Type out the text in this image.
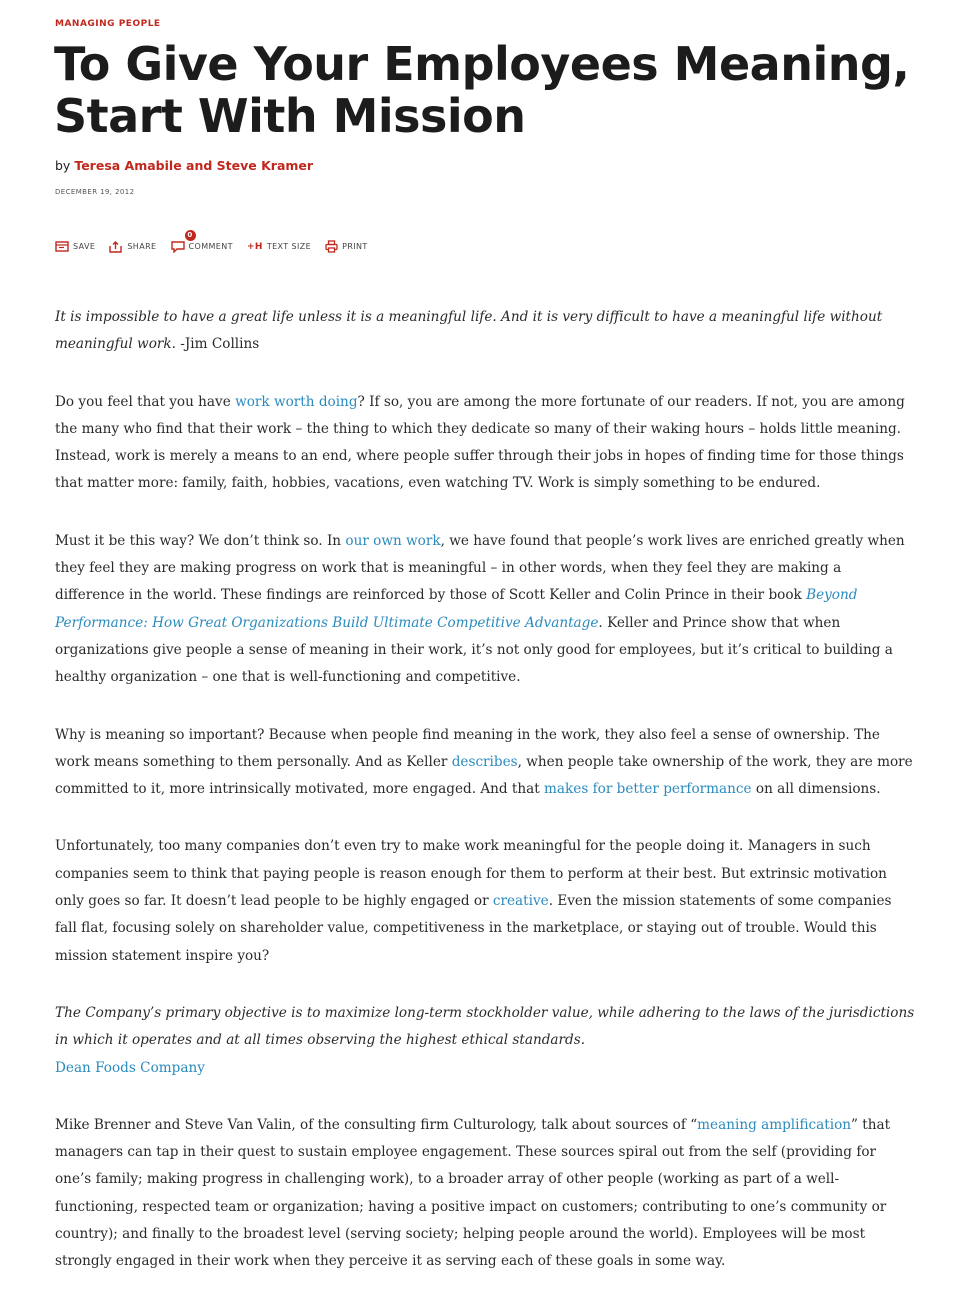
MANAGING PEOPLE
To Give Your Employees Meaning, Start With Mission
by Teresa Amabile and Steve Kramer
DECEMBER 19, 2012
SAVE	SHARE
0
COMMENT +H TEXT SIZE	PRINT

It is impossible to have a great life unless it is a meaningful life. And it is very difficult to have a meaningful life without meaningful work. -Jim Collins

Do you feel that you have work worth doing? If so, you are among the more fortunate of our readers. If not, you are among the many who find that their work – the thing to which they dedicate so many of their waking hours – holds little meaning. Instead, work is merely a means to an end, where people suffer through their jobs in hopes of finding time for those things that matter more: family, faith, hobbies, vacations, even watching TV. Work is simply something to be endured.

Must it be this way? We don’t think so. In our own work, we have found that people’s work lives are enriched greatly when they feel they are making progress on work that is meaningful – in other words, when they feel they are making a difference in the world. These findings are reinforced by those of Scott Keller and Colin Prince in their book Beyond Performance: How Great Organizations Build Ultimate Competitive Advantage. Keller and Prince show that when organizations give people a sense of meaning in their work, it’s not only good for employees, but it’s critical to building a healthy organization – one that is well-functioning and competitive.

Why is meaning so important? Because when people find meaning in the work, they also feel a sense of ownership. The work means something to them personally. And as Keller describes, when people take ownership of the work, they are more committed to it, more intrinsically motivated, more engaged. And that makes for better performance on all dimensions.

Unfortunately, too many companies don’t even try to make work meaningful for the people doing it. Managers in such companies seem to think that paying people is reason enough for them to perform at their best. But extrinsic motivation only goes so far. It doesn’t lead people to be highly engaged or creative. Even the mission statements of some companies fall flat, focusing solely on shareholder value, competitiveness in the marketplace, or staying out of trouble. Would this mission statement inspire you?

The Company’s primary objective is to maximize long-term stockholder value, while adhering to the laws of the jurisdictions in which it operates and at all times observing the highest ethical standards.

Dean Foods Company

Mike Brenner and Steve Van Valin, of the consulting firm Culturology, talk about sources of “meaning amplification” that managers can tap in their quest to sustain employee engagement. These sources spiral out from the self (providing for one’s family; making progress in challenging work), to a broader array of other people (working as part of a well-functioning, respected team or organization; having a positive impact on customers; contributing to one’s community or country); and finally to the broadest level (serving society; helping people around the world). Employees will be most strongly engaged in their work when they perceive it as serving each of these goals in some way.
